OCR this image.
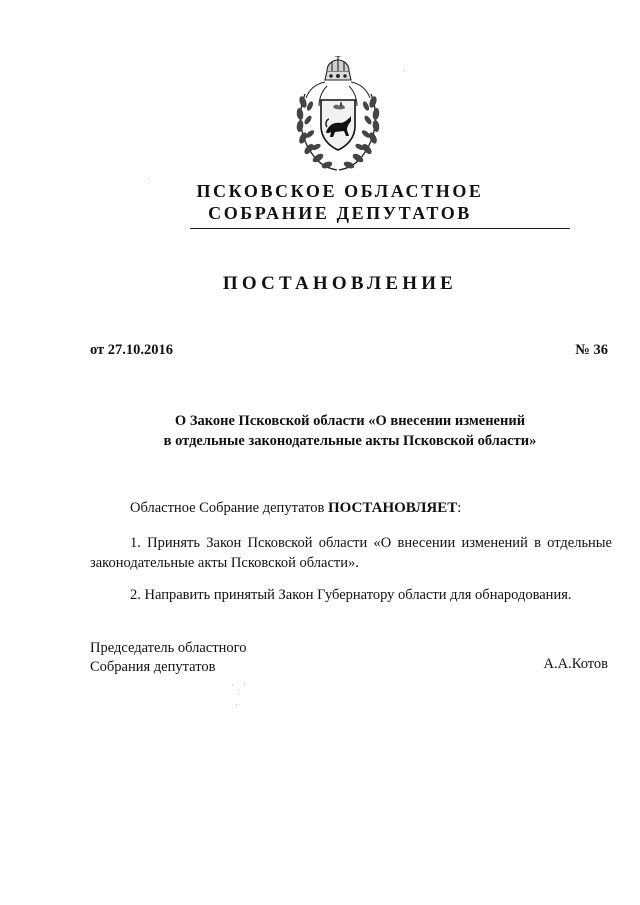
ПСКОВСКОЕ ОБЛАСТНОЕ
СОБРАНИЕ ДЕПУТАТОВ
ПОСТАНОВЛЕНИЕ
от 27.10.2016	№ 36
О Законе Псковской области «О внесении изменений
в отдельные законодательные акты Псковской области»
Областное Собрание депутатов ПОСТАНОВЛЯЕТ:
1. Принять Закон Псковской области «О внесении изменений в отдельные
законодательные акты Псковской области».
2. Направить принятый Закон Губернатору области для обнародования.
Председатель областного
Собрания депутатов	А.А.Котов
